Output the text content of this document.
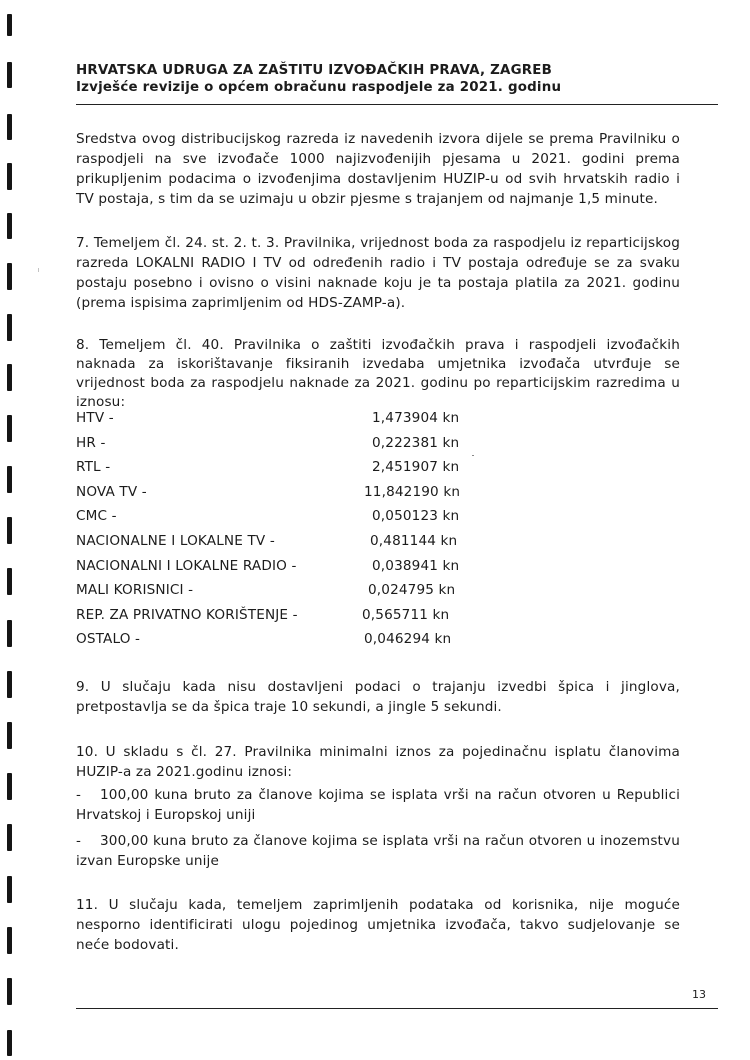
HRVATSKA UDRUGA ZA ZAŠTITU IZVOĐAČKIH PRAVA, ZAGREB
Izvješće revizije o općem obračunu raspodjele za 2021. godinu

Sredstva ovog distribucijskog razreda iz navedenih izvora dijele se prema Pravilniku o raspodjeli na sve izvođače 1000 najizvođenijih pjesama u 2021. godini prema prikupljenim podacima o izvođenjima dostavljenim HUZIP-u od svih hrvatskih radio i TV postaja, s tim da se uzimaju u obzir pjesme s trajanjem od najmanje 1,5 minute.

7. Temeljem čl. 24. st. 2. t. 3. Pravilnika, vrijednost boda za raspodjelu iz reparticijskog razreda LOKALNI RADIO I TV od određenih radio i TV postaja određuje se za svaku postaju posebno i ovisno o visini naknade koju je ta postaja platila za 2021. godinu (prema ispisima zaprimljenim od HDS-ZAMP-a).

8. Temeljem čl. 40. Pravilnika o zaštiti izvođačkih prava i raspodjeli izvođačkih naknada za iskorištavanje fiksiranih izvedaba umjetnika izvođača utvrđuje se vrijednost boda za raspodjelu naknade za 2021. godinu po reparticijskim razredima u iznosu:

HTV -	1,473904 kn
HR -	0,222381 kn
RTL -	2,451907 kn
NOVA TV -	11,842190 kn
CMC -	0,050123 kn
NACIONALNE I LOKALNE TV -	0,481144 kn
NACIONALNI I LOKALNE RADIO -	0,038941 kn
MALI KORISNICI -	0,024795 kn
REP. ZA PRIVATNO KORIŠTENJE -	0,565711 kn
OSTALO -	0,046294 kn

9. U slučaju kada nisu dostavljeni podaci o trajanju izvedbi špica i jinglova, pretpostavlja se da špica traje 10 sekundi, a jingle 5 sekundi.

10. U skladu s čl. 27. Pravilnika minimalni iznos za pojedinačnu isplatu članovima HUZIP-a za 2021.godinu iznosi:

-	100,00 kuna bruto za članove kojima se isplata vrši na račun otvoren u Republici Hrvatskoj i Europskoj uniji

-	300,00 kuna bruto za članove kojima se isplata vrši na račun otvoren u inozemstvu izvan Europske unije

11. U slučaju kada, temeljem zaprimljenih podataka od korisnika, nije moguće nesporno identificirati ulogu pojedinog umjetnika izvođača, takvo sudjelovanje se neće bodovati.

13
